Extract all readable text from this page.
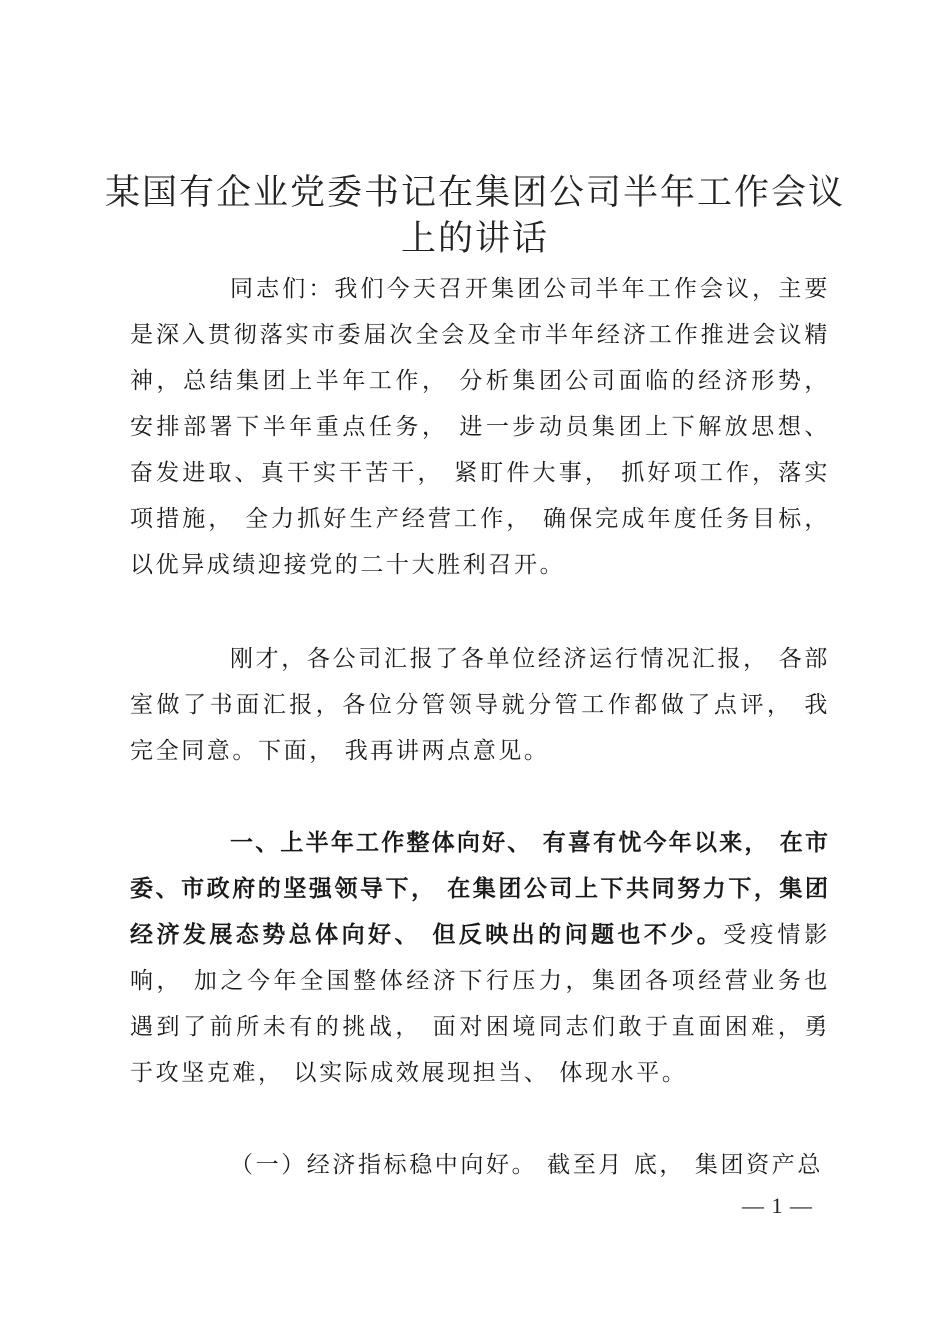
某国有企业党委书记在集团公司半年工作会议
上的讲话

同志们：我们今天召开集团公司半年工作会议，主要是深入贯彻落实市委届次全会及全市半年经济工作推进会议精神，总结集团上半年工作， 分析集团公司面临的经济形势，安排部署下半年重点任务， 进一步动员集团上下解放思想、奋发进取、真干实干苦干， 紧盯件大事， 抓好项工作，落实项措施， 全力抓好生产经营工作， 确保完成年度任务目标， 以优异成绩迎接党的二十大胜利召开。

刚才，各公司汇报了各单位经济运行情况汇报， 各部室做了书面汇报，各位分管领导就分管工作都做了点评， 我完全同意。下面， 我再讲两点意见。

一、上半年工作整体向好、 有喜有忧今年以来， 在市委、市政府的坚强领导下， 在集团公司上下共同努力下，集团经济发展态势总体向好、 但反映出的问题也不少。受疫情影响， 加之今年全国整体经济下行压力，集团各项经营业务也遇到了前所未有的挑战， 面对困境同志们敢于直面困难，勇于攻坚克难， 以实际成效展现担当、 体现水平。

（一）经济指标稳中向好。 截至月 底， 集团资产总

— 1 —
